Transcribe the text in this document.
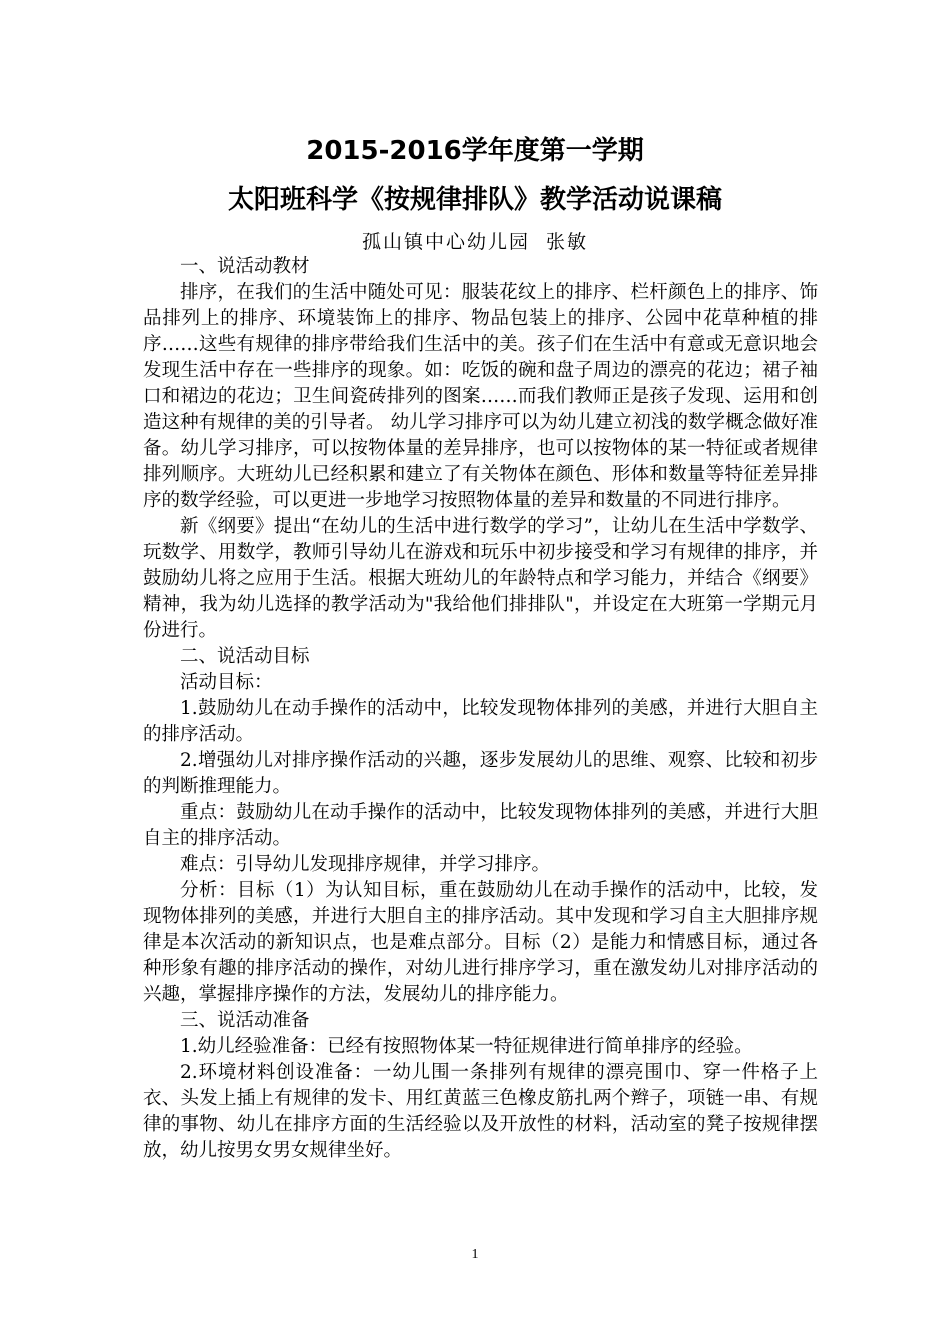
2015-2016学年度第一学期
太阳班科学《按规律排队》教学活动说课稿
孤山镇中心幼儿园  张敏

一、说活动教材

排序，在我们的生活中随处可见：服装花纹上的排序、栏杆颜色上的排序、饰品排列上的排序、环境装饰上的排序、物品包装上的排序、公园中花草种植的排序……这些有规律的排序带给我们生活中的美。孩子们在生活中有意或无意识地会发现生活中存在一些排序的现象。如：吃饭的碗和盘子周边的漂亮的花边；裙子袖口和裙边的花边；卫生间瓷砖排列的图案……而我们教师正是孩子发现、运用和创造这种有规律的美的引导者。 幼儿学习排序可以为幼儿建立初浅的数学概念做好准备。幼儿学习排序，可以按物体量的差异排序，也可以按物体的某一特征或者规律排列顺序。大班幼儿已经积累和建立了有关物体在颜色、形体和数量等特征差异排序的数学经验，可以更进一步地学习按照物体量的差异和数量的不同进行排序。

新《纲要》提出“在幼儿的生活中进行数学的学习”，让幼儿在生活中学数学、玩数学、用数学，教师引导幼儿在游戏和玩乐中初步接受和学习有规律的排序，并鼓励幼儿将之应用于生活。根据大班幼儿的年龄特点和学习能力，并结合《纲要》精神，我为幼儿选择的教学活动为"我给他们排排队"，并设定在大班第一学期元月份进行。

二、说活动目标

活动目标：

1.鼓励幼儿在动手操作的活动中，比较发现物体排列的美感，并进行大胆自主的排序活动。

2.增强幼儿对排序操作活动的兴趣，逐步发展幼儿的思维、观察、比较和初步的判断推理能力。

重点：鼓励幼儿在动手操作的活动中，比较发现物体排列的美感，并进行大胆自主的排序活动。

难点：引导幼儿发现排序规律，并学习排序。

分析：目标（1）为认知目标，重在鼓励幼儿在动手操作的活动中，比较，发现物体排列的美感，并进行大胆自主的排序活动。其中发现和学习自主大胆排序规律是本次活动的新知识点，也是难点部分。目标（2）是能力和情感目标，通过各种形象有趣的排序活动的操作，对幼儿进行排序学习，重在激发幼儿对排序活动的兴趣，掌握排序操作的方法，发展幼儿的排序能力。

三、说活动准备

1.幼儿经验准备：已经有按照物体某一特征规律进行简单排序的经验。

2.环境材料创设准备：一幼儿围一条排列有规律的漂亮围巾、穿一件格子上衣、头发上插上有规律的发卡、用红黄蓝三色橡皮筋扎两个辫子，项链一串、有规律的事物、幼儿在排序方面的生活经验以及开放性的材料，活动室的凳子按规律摆放，幼儿按男女男女规律坐好。

1
